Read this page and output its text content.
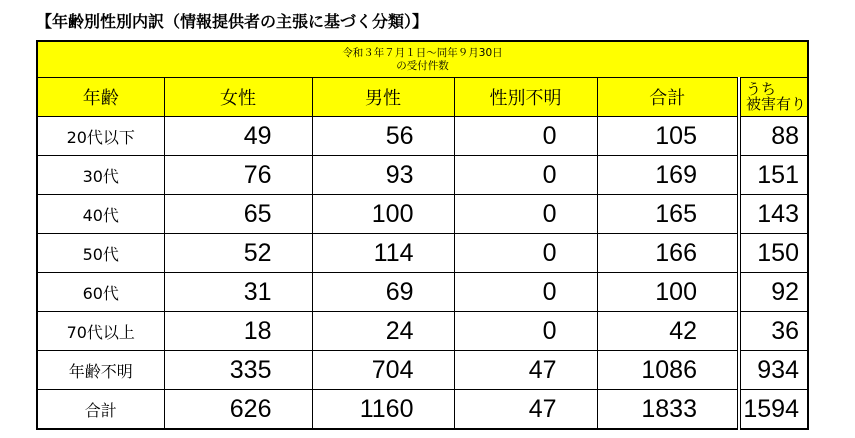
【年齢別性別内訳（情報提供者の主張に基づく分類）】
令和３年７月１日～同年９月30日
の受付件数					

年齢	女性	男性	性別不明	合計	うち
被害有り

20代以下	49	56	0	105	88
30代	76	93	0	169	151
40代	65	100	0	165	143
50代	52	114	0	166	150
60代	31	69	0	100	92
70代以上	18	24	0	42	36
年齢不明	335	704	47	1086	934
合計	626	1160	47	1833	1594
